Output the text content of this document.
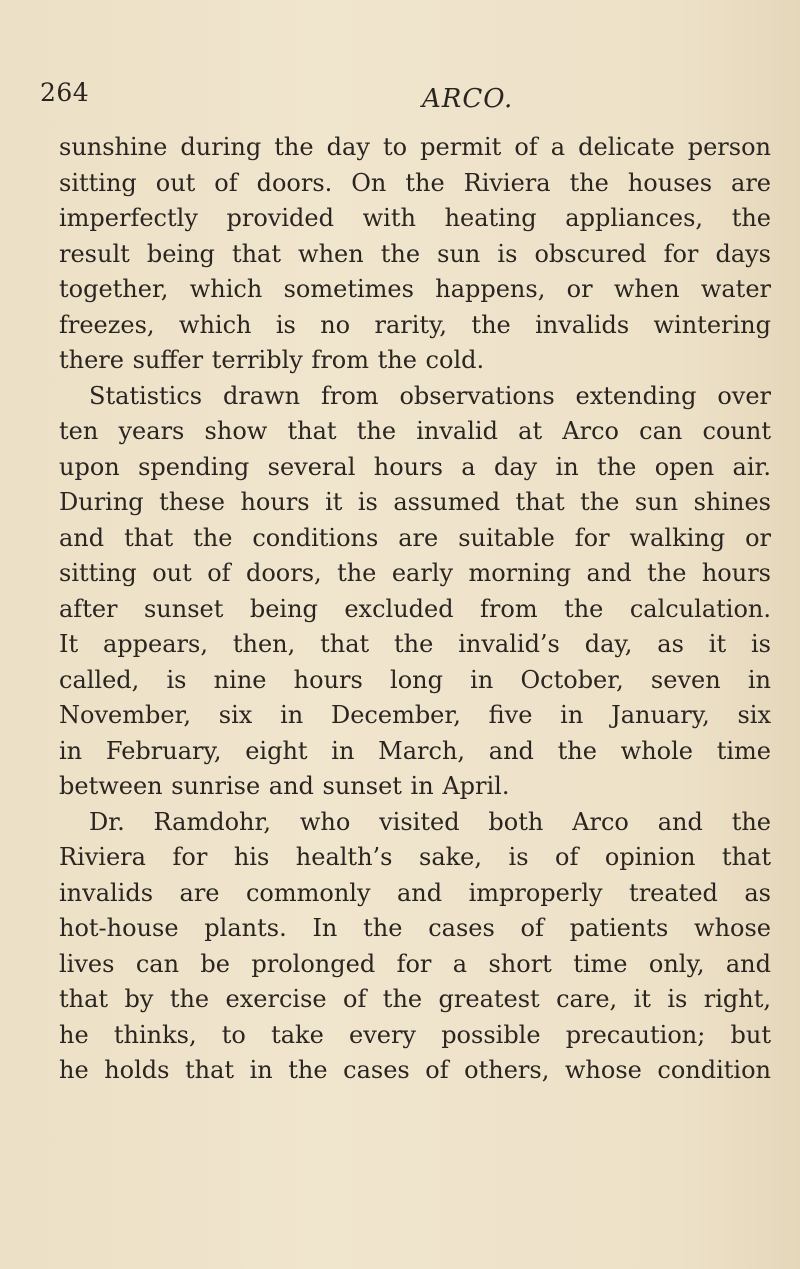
264	ARCO.
sunshine during the day to permit of a delicate person
sitting out of doors. On the Riviera the houses are
imperfectly provided with heating appliances, the
result being that when the sun is obscured for days
together, which sometimes happens, or when water
freezes, which is no rarity, the invalids wintering
there suffer terribly from the cold.
Statistics drawn from observations extending over
ten years show that the invalid at Arco can count
upon spending several hours a day in the open air.
During these hours it is assumed that the sun shines
and that the conditions are suitable for walking or
sitting out of doors, the early morning and the hours
after sunset being excluded from the calculation.
It appears, then, that the invalid’s day, as it is
called, is nine hours long in October, seven in
November, six in December, five in January, six
in February, eight in March, and the whole time
between sunrise and sunset in April.
Dr. Ramdohr, who visited both Arco and the
Riviera for his health’s sake, is of opinion that
invalids are commonly and improperly treated as
hot-house plants. In the cases of patients whose
lives can be prolonged for a short time only, and
that by the exercise of the greatest care, it is right,
he thinks, to take every possible precaution; but
he holds that in the cases of others, whose condition
